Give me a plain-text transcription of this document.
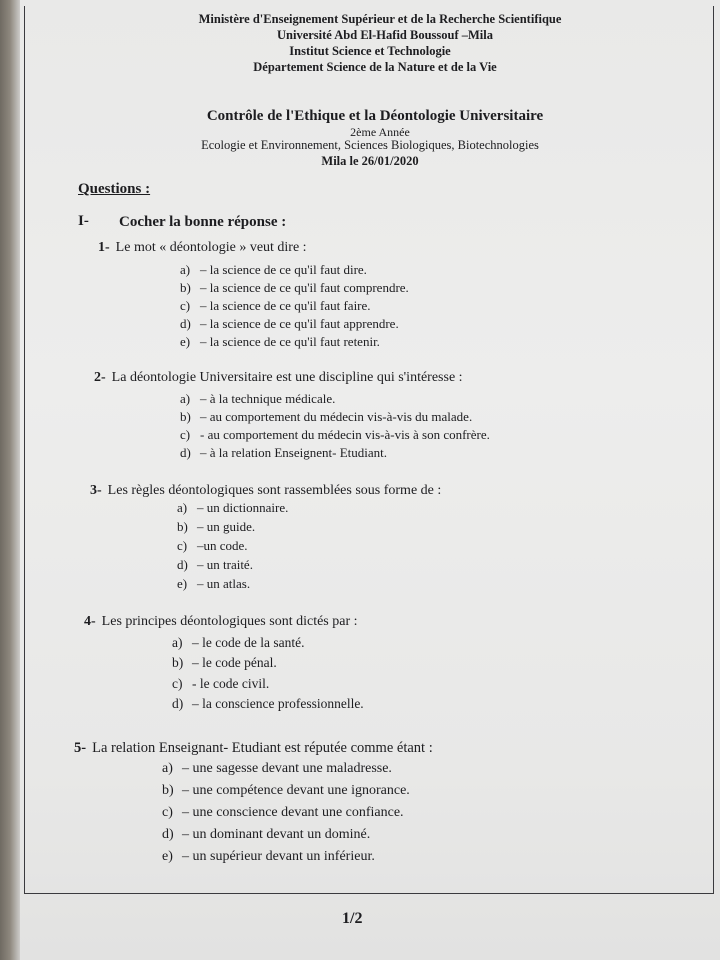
Ministère d'Enseignement Supérieur et de la Recherche Scientifique
Université Abd El-Hafid Boussouf –Mila
Institut Science et Technologie
Département Science de la Nature et de la Vie
Contrôle de l'Ethique et la Déontologie Universitaire
2ème Année
Ecologie et Environnement, Sciences Biologiques, Biotechnologies
Mila le 26/01/2020
Questions :
I- Cocher la bonne réponse :
1- Le mot « déontologie » veut dire :
a) – la science de ce qu'il faut dire.
b) – la science de ce qu'il faut comprendre.
c) – la science de ce qu'il faut faire.
d) – la science de ce qu'il faut apprendre.
e) – la science de ce qu'il faut retenir.
2- La déontologie Universitaire est une discipline qui s'intéresse :
a) – à la technique médicale.
b) – au comportement du médecin vis-à-vis du malade.
c) - au comportement du médecin vis-à-vis à son confrère.
d) – à la relation Enseignent- Etudiant.
3- Les règles déontologiques sont rassemblées sous forme de :
a) – un dictionnaire.
b) – un guide.
c) –un code.
d) – un traité.
e) – un atlas.
4- Les principes déontologiques sont dictés par :
a) – le code de la santé.
b) – le code pénal.
c) - le code civil.
d) – la conscience professionnelle.
5- La relation Enseignant- Etudiant est réputée comme étant :
a) – une sagesse devant une maladresse.
b) – une compétence devant une ignorance.
c) – une conscience devant une confiance.
d) – un dominant devant un dominé.
e) – un supérieur devant un inférieur.
1/2
